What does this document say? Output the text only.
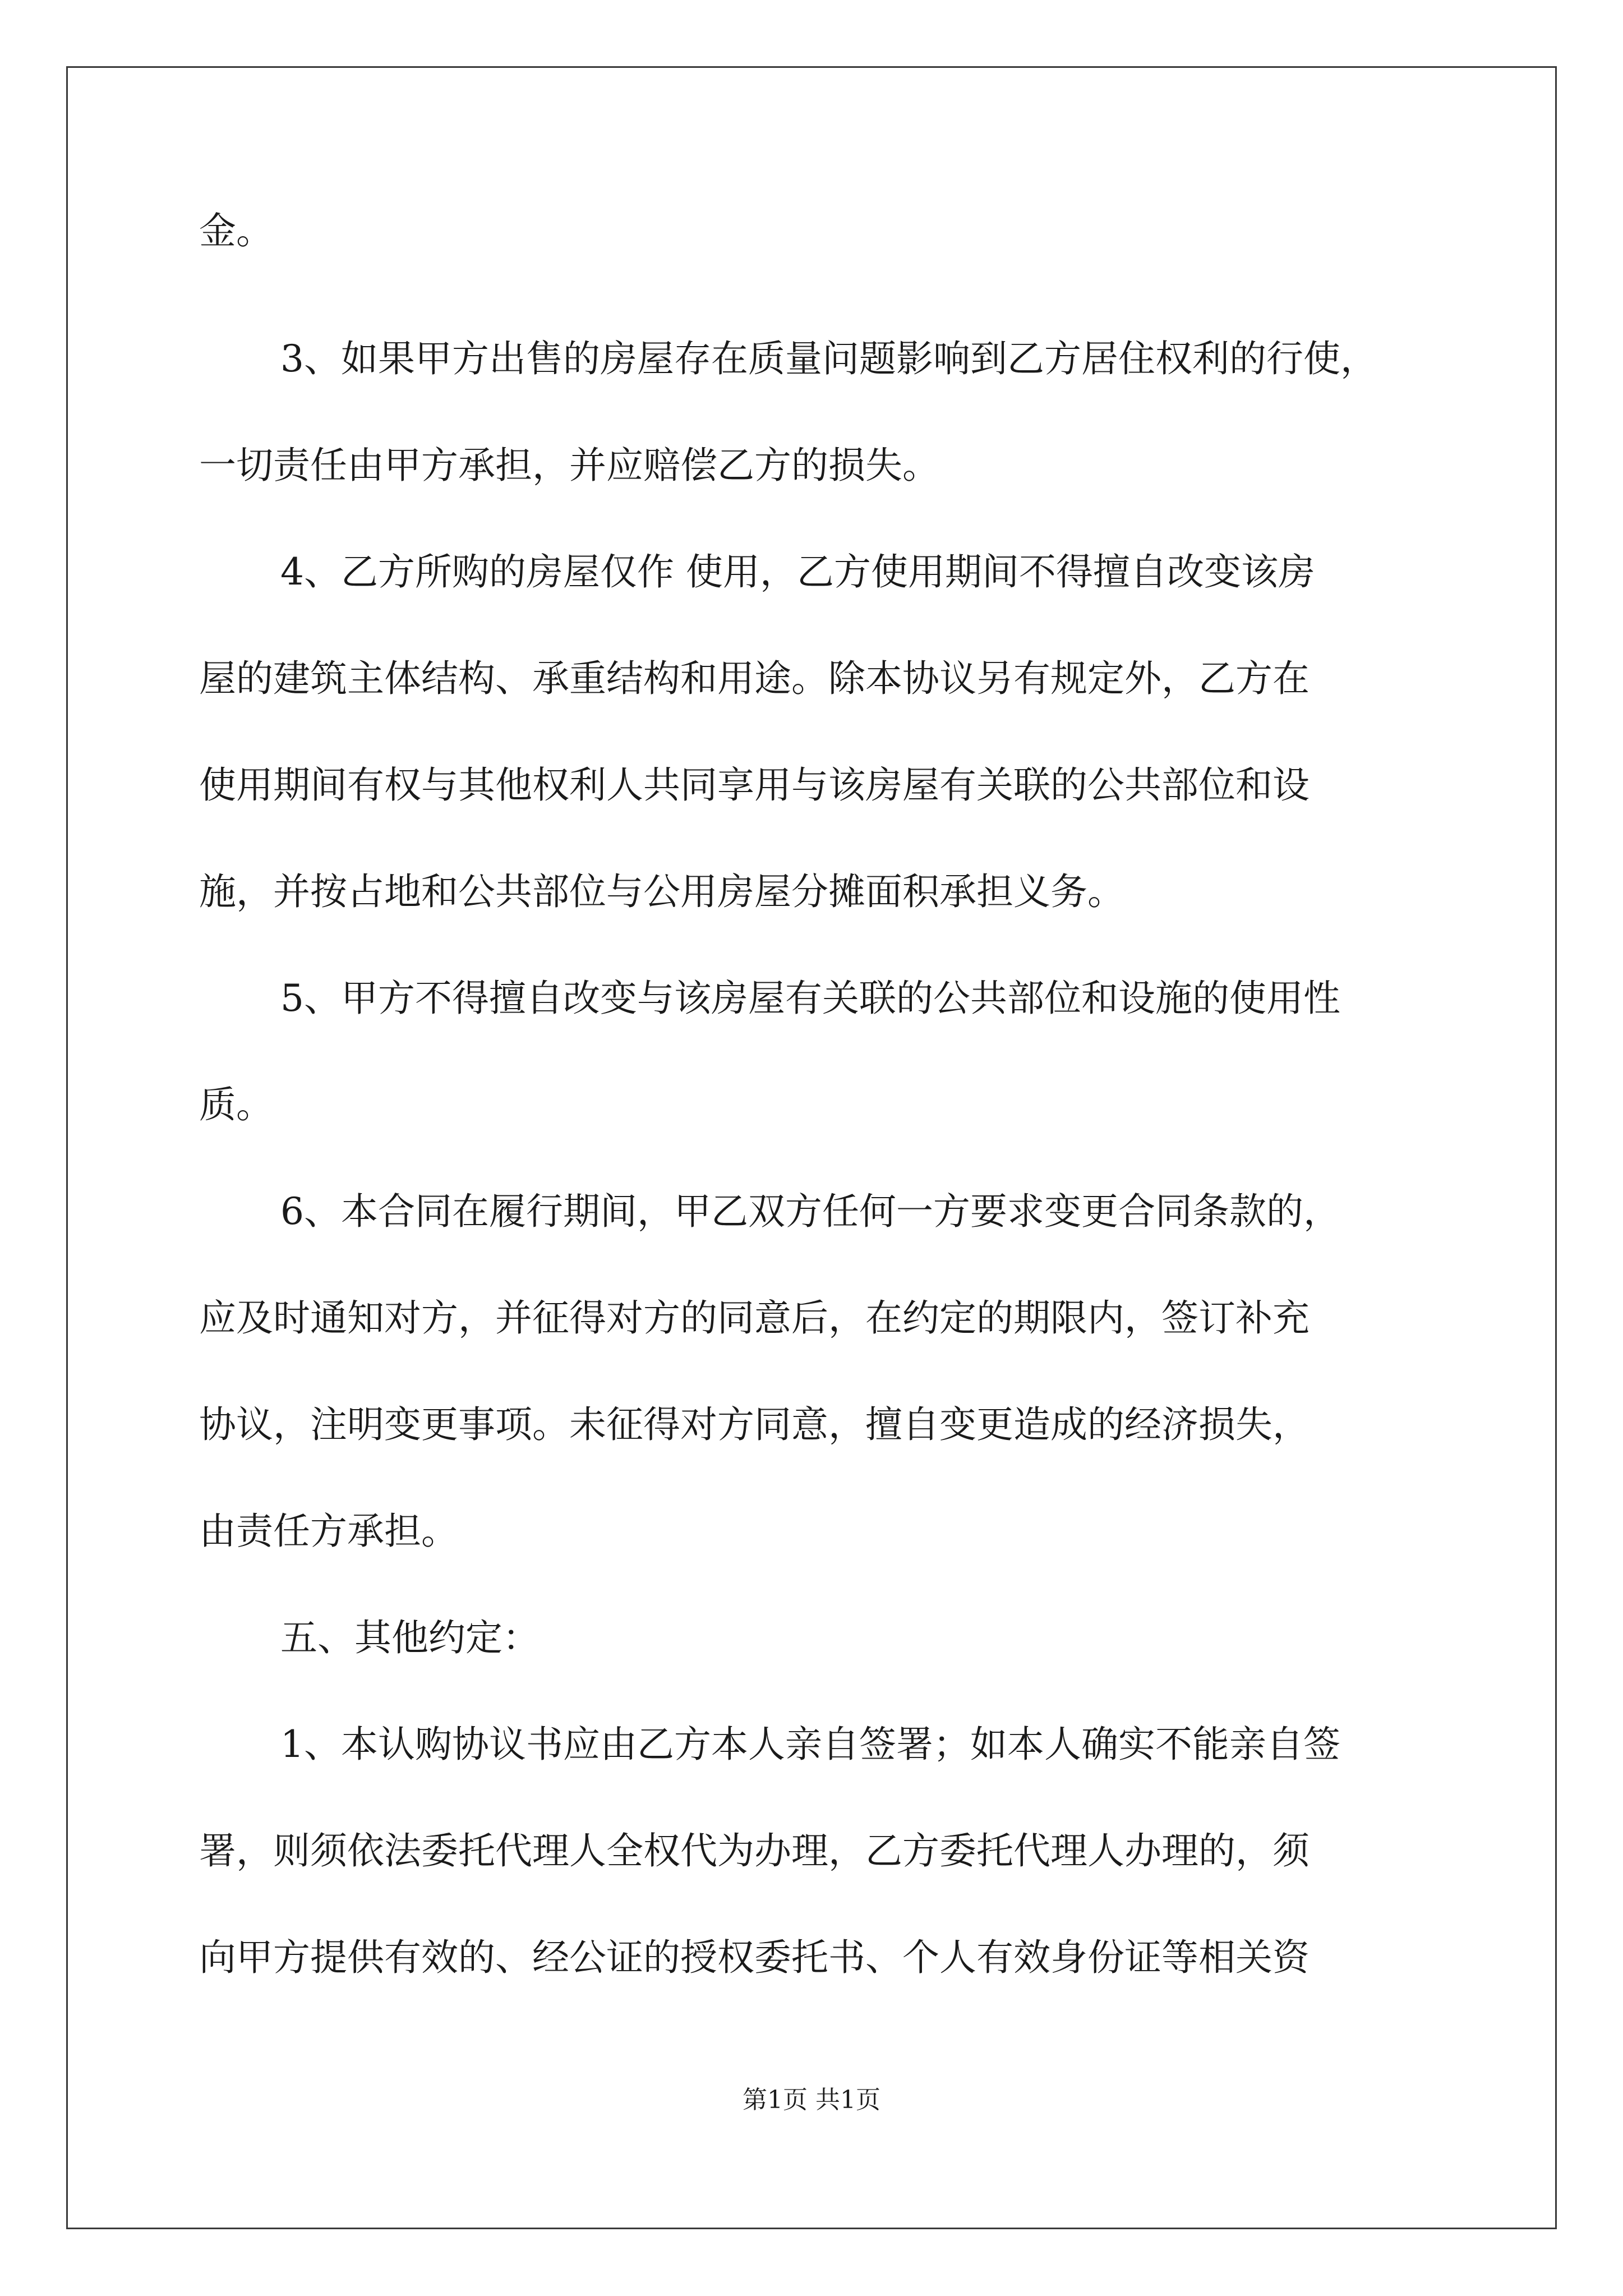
金。
3、如果甲方出售的房屋存在质量问题影响到乙方居住权利的行使，
一切责任由甲方承担，并应赔偿乙方的损失。
4、乙方所购的房屋仅作 使用，乙方使用期间不得擅自改变该房
屋的建筑主体结构、承重结构和用途。除本协议另有规定外，乙方在
使用期间有权与其他权利人共同享用与该房屋有关联的公共部位和设
施，并按占地和公共部位与公用房屋分摊面积承担义务。
5、甲方不得擅自改变与该房屋有关联的公共部位和设施的使用性
质。
6、本合同在履行期间，甲乙双方任何一方要求变更合同条款的，
应及时通知对方，并征得对方的同意后，在约定的期限内，签订补充
协议，注明变更事项。未征得对方同意，擅自变更造成的经济损失，
由责任方承担。
五、其他约定：
1、本认购协议书应由乙方本人亲自签署；如本人确实不能亲自签
署，则须依法委托代理人全权代为办理，乙方委托代理人办理的，须
向甲方提供有效的、经公证的授权委托书、个人有效身份证等相关资
第1页 共1页
